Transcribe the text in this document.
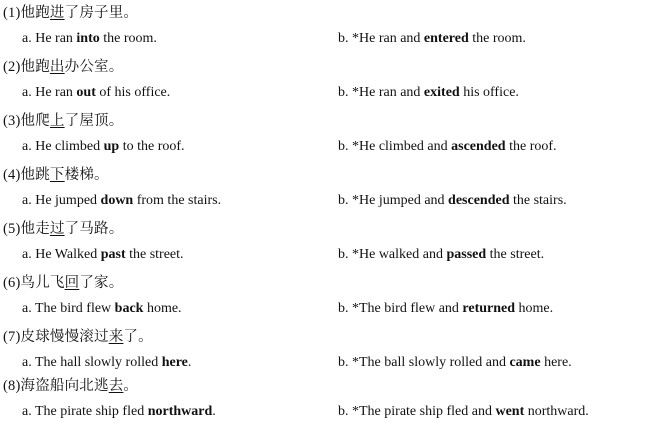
(1)他跑进了房子里。
a. He ran into the room.	b. *He ran and entered the room.
(2)他跑出办公室。
a. He ran out of his office.	b. *He ran and exited his office.
(3)他爬上了屋顶。
a. He climbed up to the roof.	b. *He climbed and ascended the roof.
(4)他跳下楼梯。
a. He jumped down from the stairs.	b. *He jumped and descended the stairs.
(5)他走过了马路。
a. He Walked past the street.	b. *He walked and passed the street.
(6)鸟儿飞回了家。
a. The bird flew back home.	b. *The bird flew and returned home.
(7)皮球慢慢滚过来了。
a. The hall slowly rolled here.	b. *The ball slowly rolled and came here.
(8)海盗船向北逃去。
a. The pirate ship fled northward.	b. *The pirate ship fled and went northward.
